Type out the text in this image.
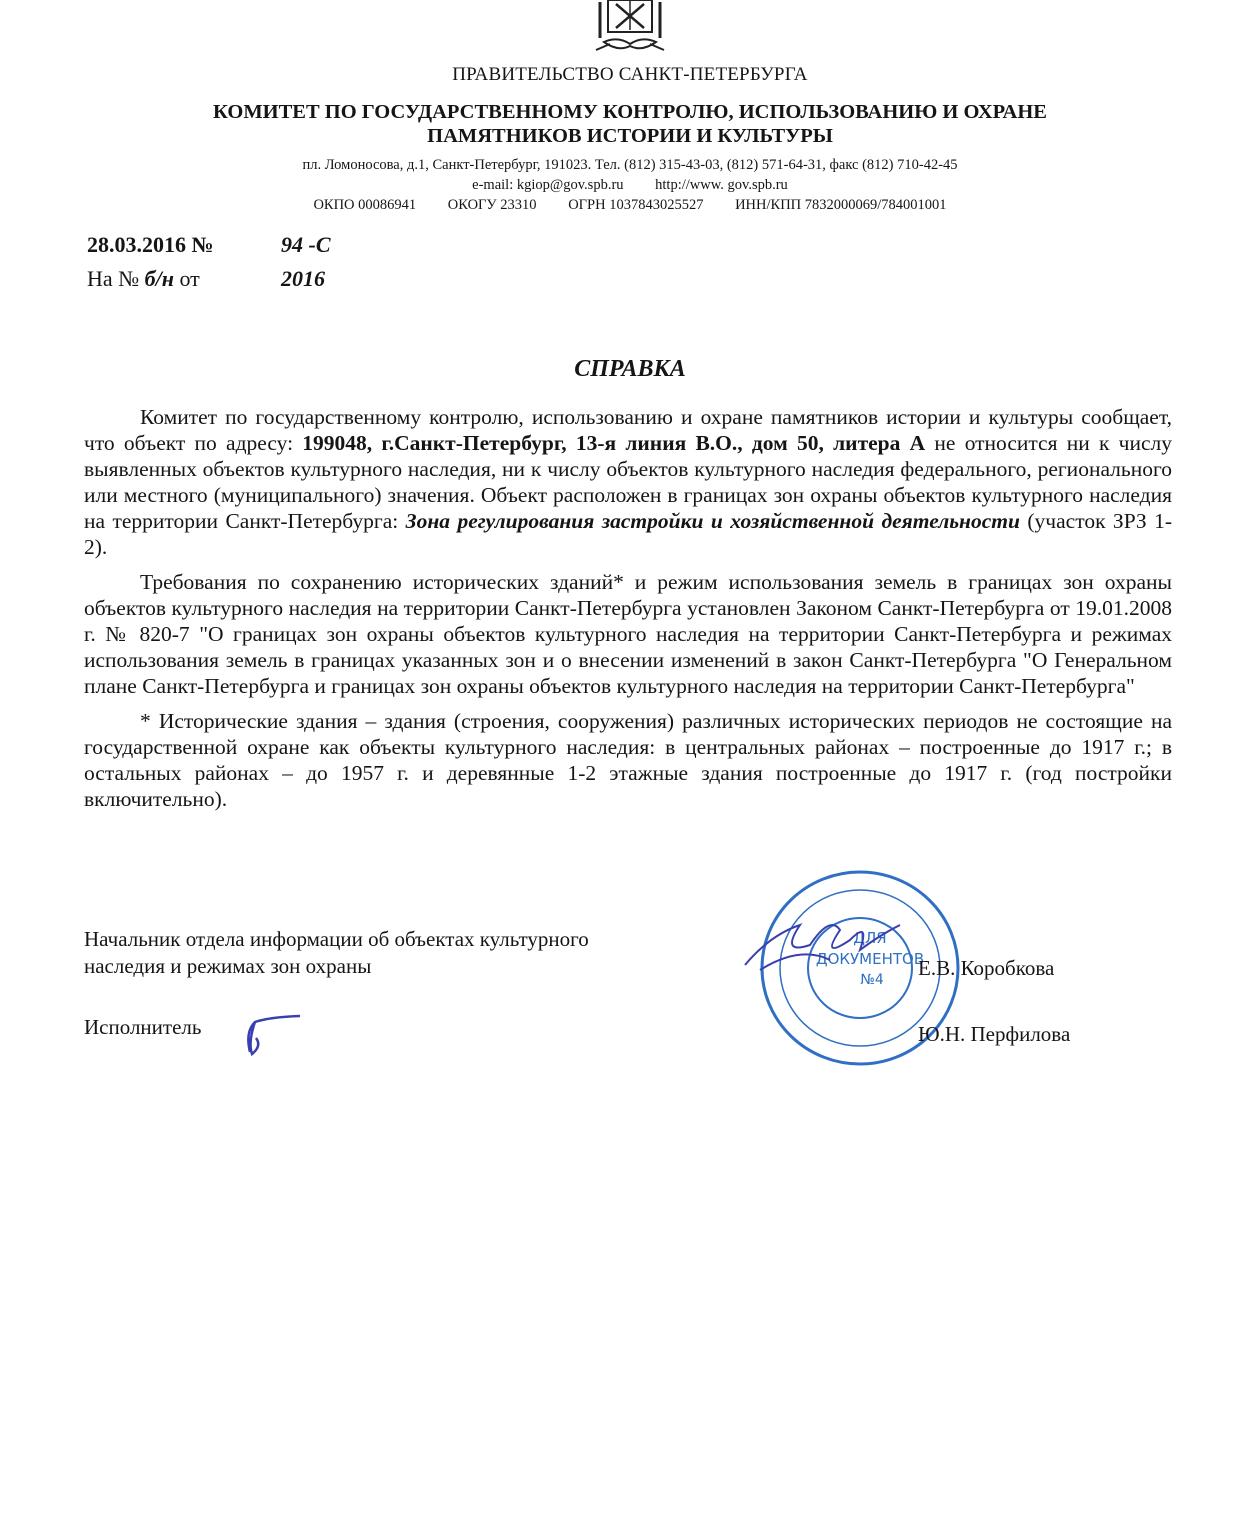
ПРАВИТЕЛЬСТВО САНКТ-ПЕТЕРБУРГА
КОМИТЕТ ПО ГОСУДАРСТВЕННОМУ КОНТРОЛЮ, ИСПОЛЬЗОВАНИЮ И ОХРАНЕ
ПАМЯТНИКОВ ИСТОРИИ И КУЛЬТУРЫ
пл. Ломоносова, д.1, Санкт-Петербург, 191023. Тел. (812) 315-43-03, (812) 571-64-31, факс (812) 710-42-45
e-mail: kgiop@gov.spb.ru http://www. gov.spb.ru
ОКПО 00086941 ОКОГУ 23310 ОГРН 1037843025527 ИНН/КПП 7832000069/784001001
28.03.2016 №	94 -С
На № б/н от	2016
СПРАВКА

Комитет по государственному контролю, использованию и охране памятников истории и культуры сообщает, что объект по адресу: 199048, г.Санкт-Петербург, 13-я линия В.О., дом 50, литера А не относится ни к числу выявленных объектов культурного наследия, ни к числу объектов культурного наследия федерального, регионального или местного (муниципального) значения. Объект расположен в границах зон охраны объектов культурного наследия на территории Санкт-Петербурга: Зона регулирования застройки и хозяйственной деятельности (участок ЗРЗ 1-2).

Требования по сохранению исторических зданий* и режим использования земель в границах зон охраны объектов культурного наследия на территории Санкт-Петербурга установлен Законом Санкт-Петербурга от 19.01.2008 г. № 820-7 "О границах зон охраны объектов культурного наследия на территории Санкт-Петербурга и режимах использования земель в границах указанных зон и о внесении изменений в закон Санкт-Петербурга "О Генеральном плане Санкт-Петербурга и границах зон охраны объектов культурного наследия на территории Санкт-Петербурга"

* Исторические здания – здания (строения, сооружения) различных исторических периодов не состоящие на государственной охране как объекты культурного наследия: в центральных районах – построенные до 1917 г.; в остальных районах – до 1957 г. и деревянные 1-2 этажные здания построенные до 1917 г. (год постройки включительно).

Начальник отдела информации об объектах культурного
наследия и режимах зон охраны
ДЛЯ
ДОКУМЕНТОВ
№4 Е.В. Коробкова
Исполнитель	Ю.Н. Перфилова
